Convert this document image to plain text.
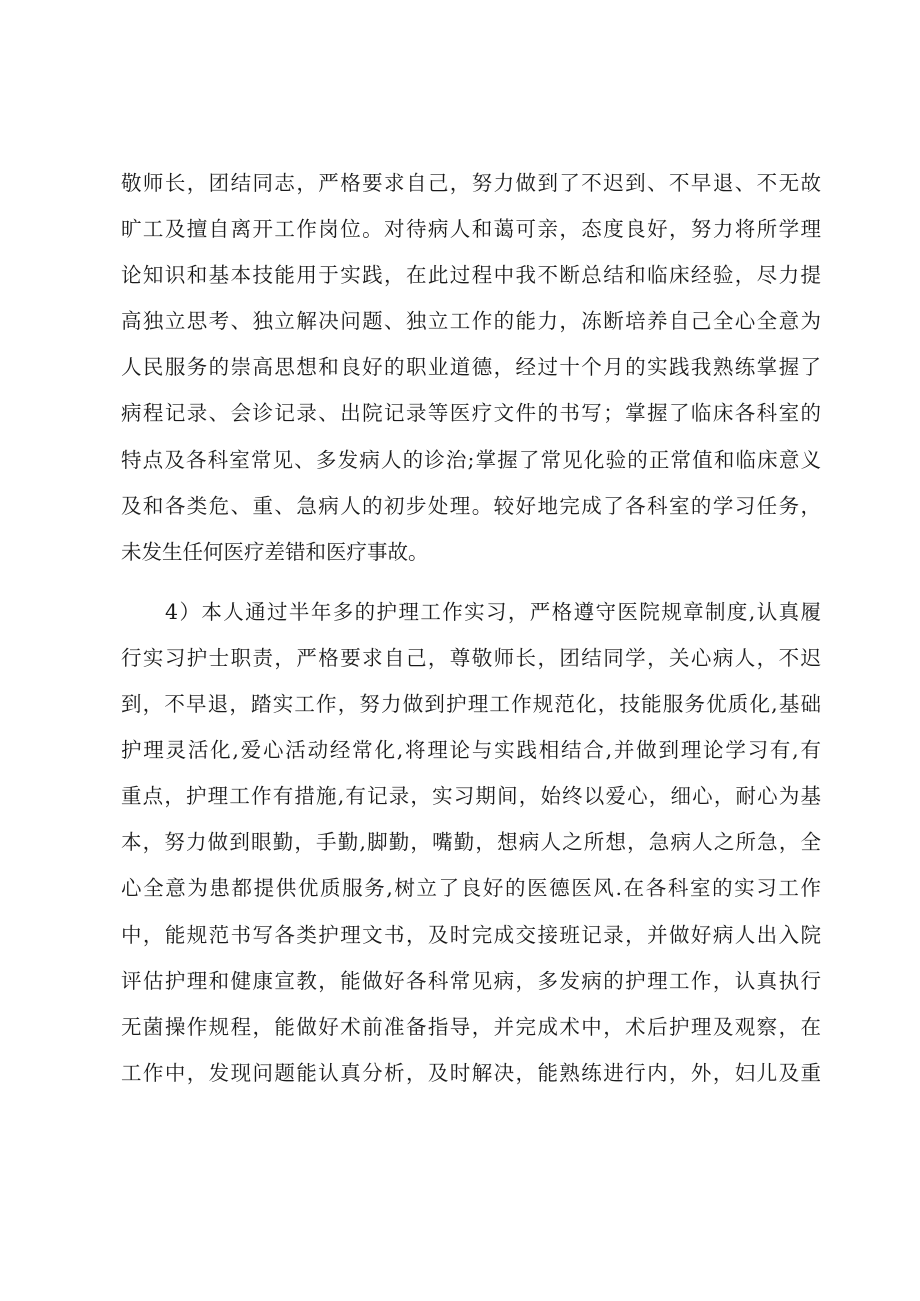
敬师长，团结同志，严格要求自己，努力做到了不迟到、不早退、不无故
旷工及擅自离开工作岗位。对待病人和蔼可亲，态度良好，努力将所学理
论知识和基本技能用于实践，在此过程中我不断总结和临床经验，尽力提
高独立思考、独立解决问题、独立工作的能力，冻断培养自己全心全意为
人民服务的崇高思想和良好的职业道德，经过十个月的实践我熟练掌握了
病程记录、会诊记录、出院记录等医疗文件的书写；掌握了临床各科室的
特点及各科室常见、多发病人的诊治;掌握了常见化验的正常值和临床意义
及和各类危、重、急病人的初步处理。较好地完成了各科室的学习任务，
未发生任何医疗差错和医疗事故。
4）本人通过半年多的护理工作实习，严格遵守医院规章制度,认真履
行实习护士职责，严格要求自己，尊敬师长，团结同学，关心病人，不迟
到，不早退，踏实工作，努力做到护理工作规范化，技能服务优质化,基础
护理灵活化,爱心活动经常化,将理论与实践相结合,并做到理论学习有,有
重点，护理工作有措施,有记录，实习期间，始终以爱心，细心，耐心为基
本，努力做到眼勤，手勤,脚勤，嘴勤，想病人之所想，急病人之所急，全
心全意为患都提供优质服务,树立了良好的医德医风.在各科室的实习工作
中，能规范书写各类护理文书，及时完成交接班记录，并做好病人出入院
评估护理和健康宣教，能做好各科常见病，多发病的护理工作，认真执行
无菌操作规程，能做好术前准备指导，并完成术中，术后护理及观察，在
工作中，发现问题能认真分析，及时解决，能熟练进行内，外，妇儿及重
